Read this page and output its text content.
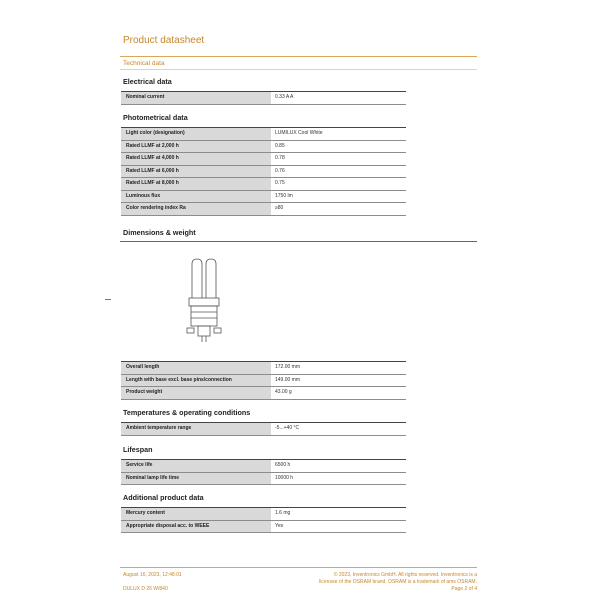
Product datasheet
Technical data
Electrical data
Nominal current	0.33 A A
Photometrical data
Light color (designation)	LUMILUX Cool White
Rated LLMF at 2,000 h	0.85
Rated LLMF at 4,000 h	0.78
Rated LLMF at 6,000 h	0.76
Rated LLMF at 8,000 h	0.75
Luminous flux	1750 lm
Color rendering index Ra	≥80
Dimensions & weight
Overall length	172.00 mm
Length with base excl. base pins/connection	149.00 mm
Product weight	43.00 g
Temperatures & operating conditions
Ambient temperature range	-5...+40 °C
Lifespan
Service life	6500 h
Nominal lamp life time	10000 h
Additional product data
Mercury content	1.6 mg
Appropriate disposal acc. to WEEE	Yes
August 16, 2023, 12:48:01
DULUX D 26 W/840
© 2023, Inventronics GmbH. All rights reserved. Inventronics is a
licensee of the OSRAM brand. OSRAM is a trademark of ams OSRAM.
Page 2 of 4
